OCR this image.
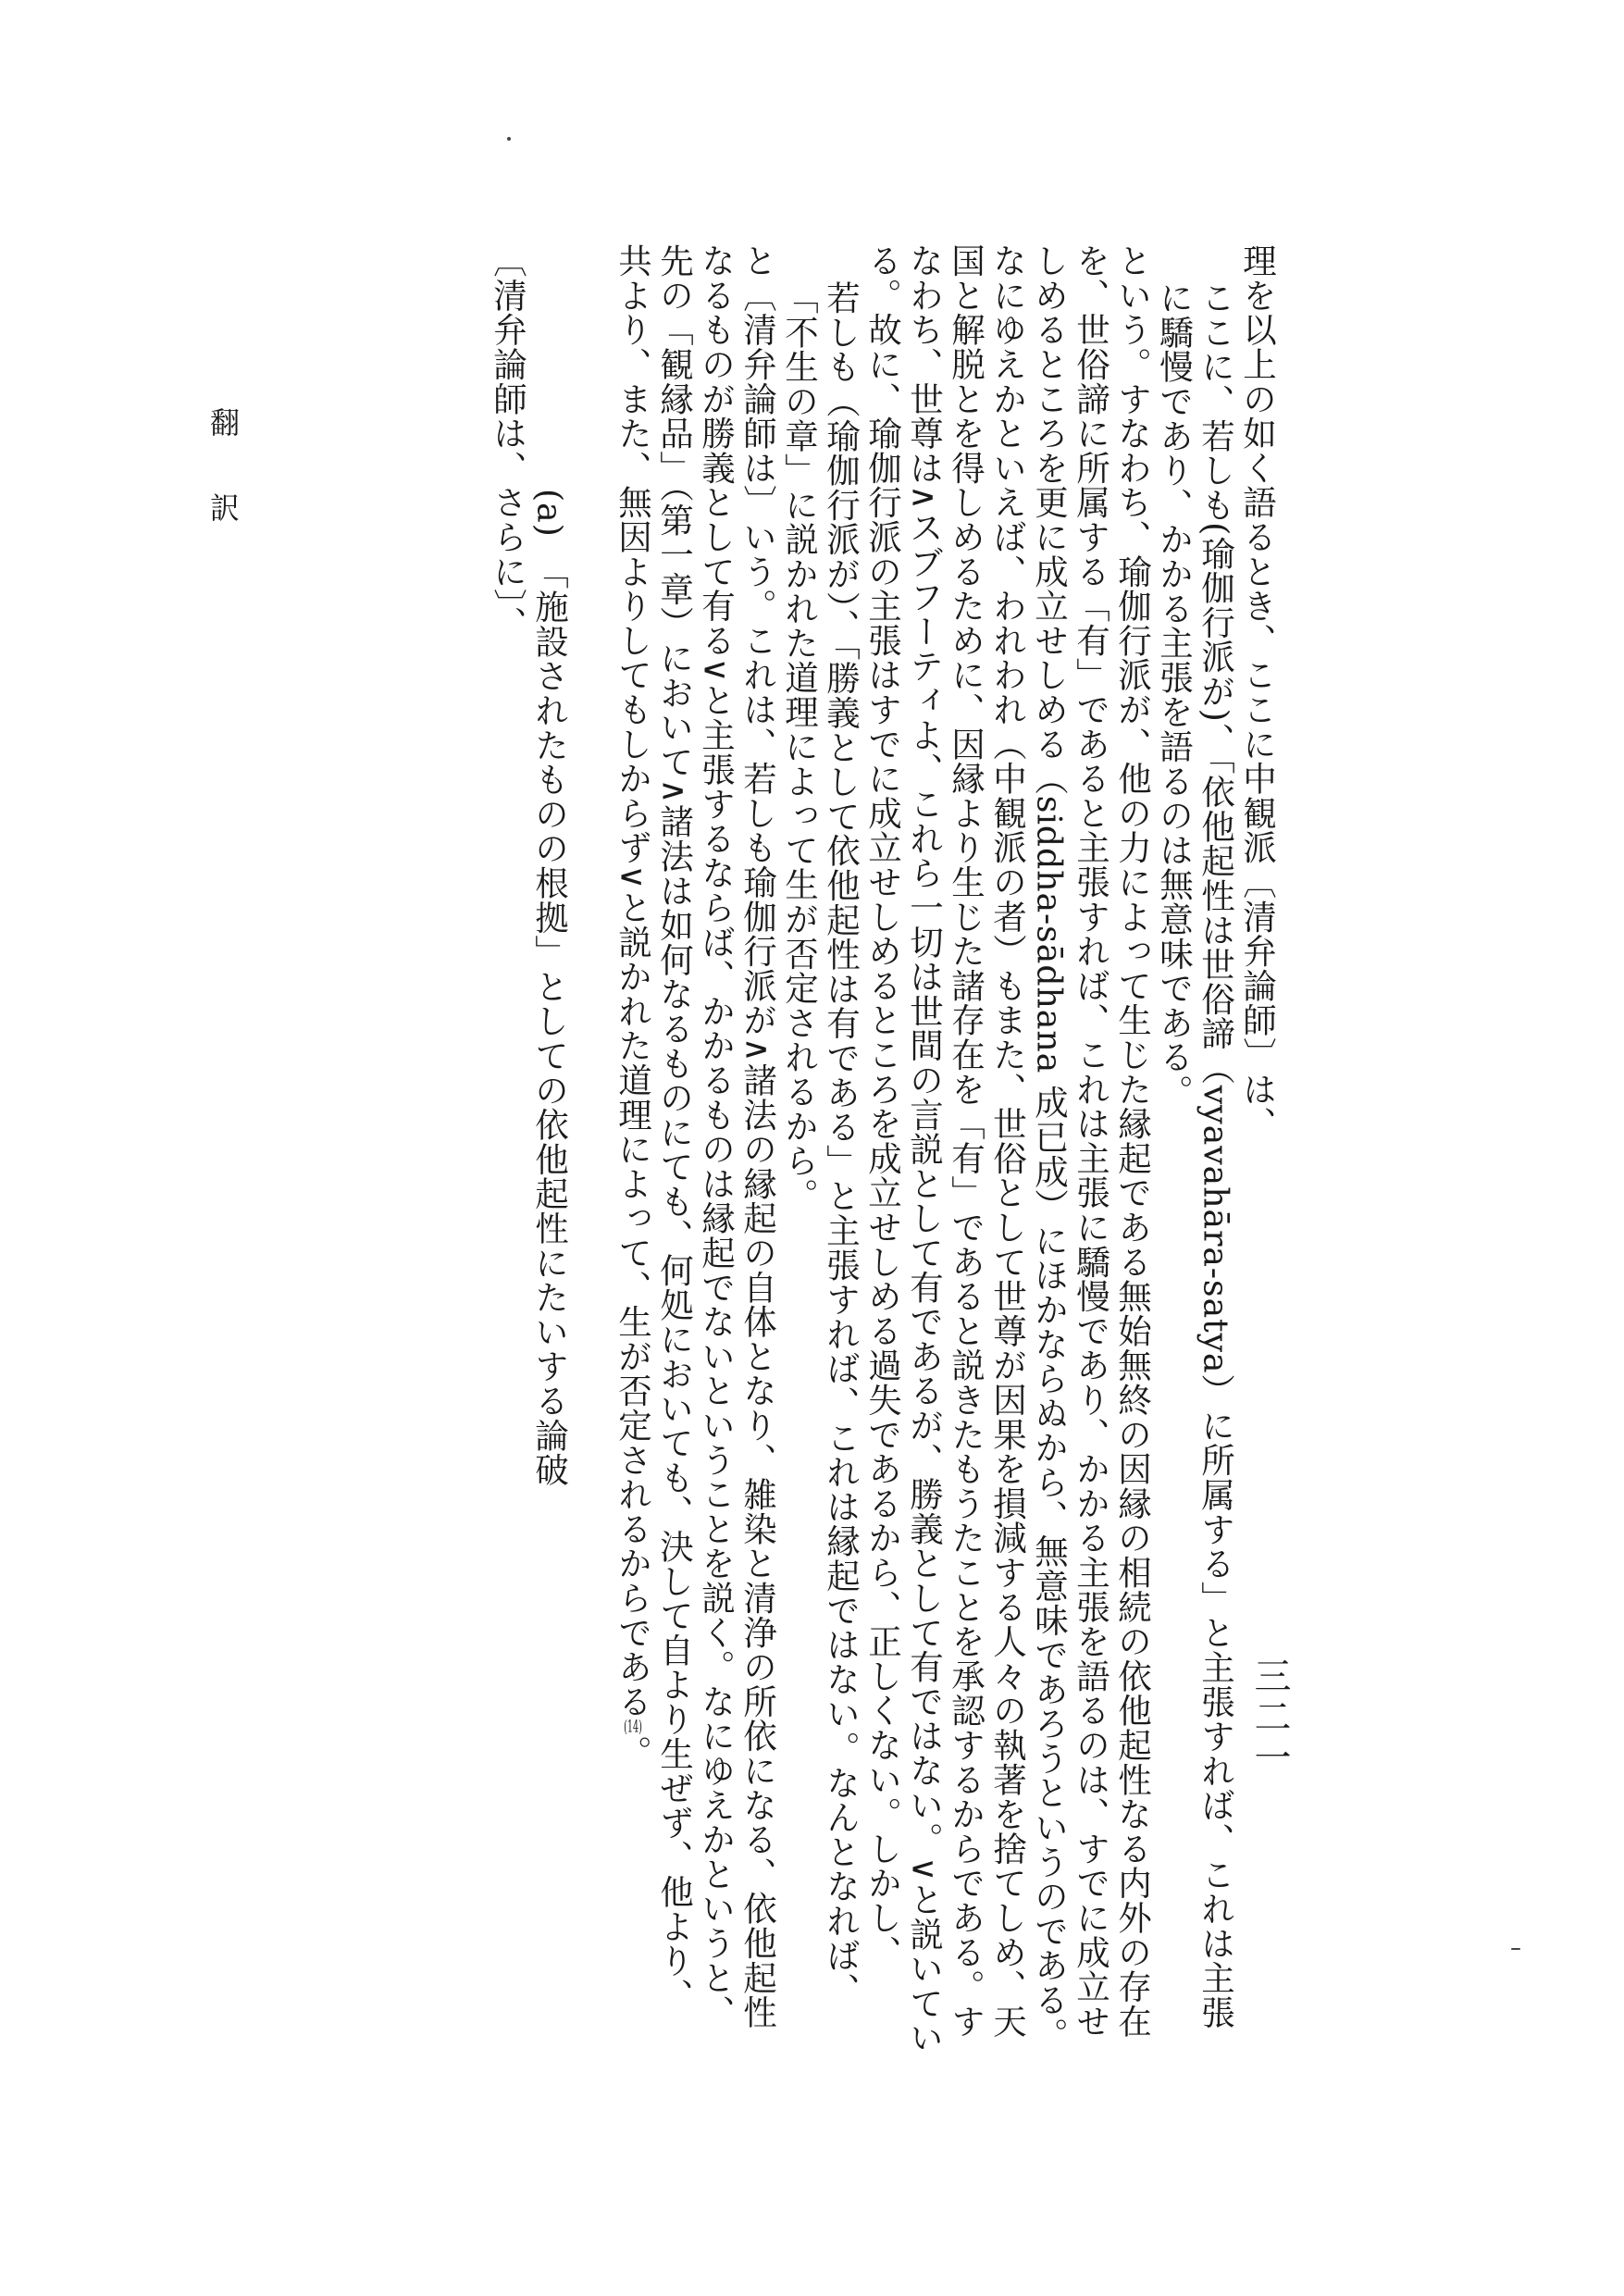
三二一
理を以上の如く語るとき、ここに中観派〔清弁論師〕は、
ここに、若しも(瑜伽行派が)、「依他起性は世俗諦（vyavahāra-satya）に所属する」と主張すれば、これは主張
に驕慢であり、かかる主張を語るのは無意味である。
という。すなわち、瑜伽行派が、他の力によって生じた縁起である無始無終の因縁の相続の依他起性なる内外の存在
を、世俗諦に所属する「有」であると主張すれば、これは主張に驕慢であり、かかる主張を語るのは、すでに成立せ
しめるところを更に成立せしめる（siddha-sādhana 成已成）にほかならぬから、無意味であろうというのである。
なにゆえかといえば、われわれ（中観派の者）もまた、世俗として世尊が因果を損減する人々の執著を捨てしめ、天
国と解脱とを得しめるために、因縁より生じた諸存在を「有」であると説きたもうたことを承認するからである。す
なわち、世尊は∧スブフーティよ、これら一切は世間の言説として有であるが、勝義として有ではない。∨と説いてい
る。故に、瑜伽行派の主張はすでに成立せしめるところを成立せしめる過失であるから、正しくない。しかし、
若しも（瑜伽行派が）、「勝義として依他起性は有である」と主張すれば、これは縁起ではない。なんとなれば、
「不生の章」に説かれた道理によって生が否定されるから。
と〔清弁論師は〕いう。これは、若しも瑜伽行派が∧諸法の縁起の自体となり、雑染と清浄の所依になる、依他起性
なるものが勝義として有る∨と主張するならば、かかるものは縁起でないということを説く。なにゆえかというと、
先の「観縁品」（第一章）において∧諸法は如何なるものにても、何処においても、決して自より生ぜず、他より、
共より、また、無因よりしてもしからず∨と説かれた道理によって、生が否定されるからである(14)。
(a)　「施設されたものの根拠」としての依他起性にたいする論破
〔清弁論師は、さらに〕、
翻訳
